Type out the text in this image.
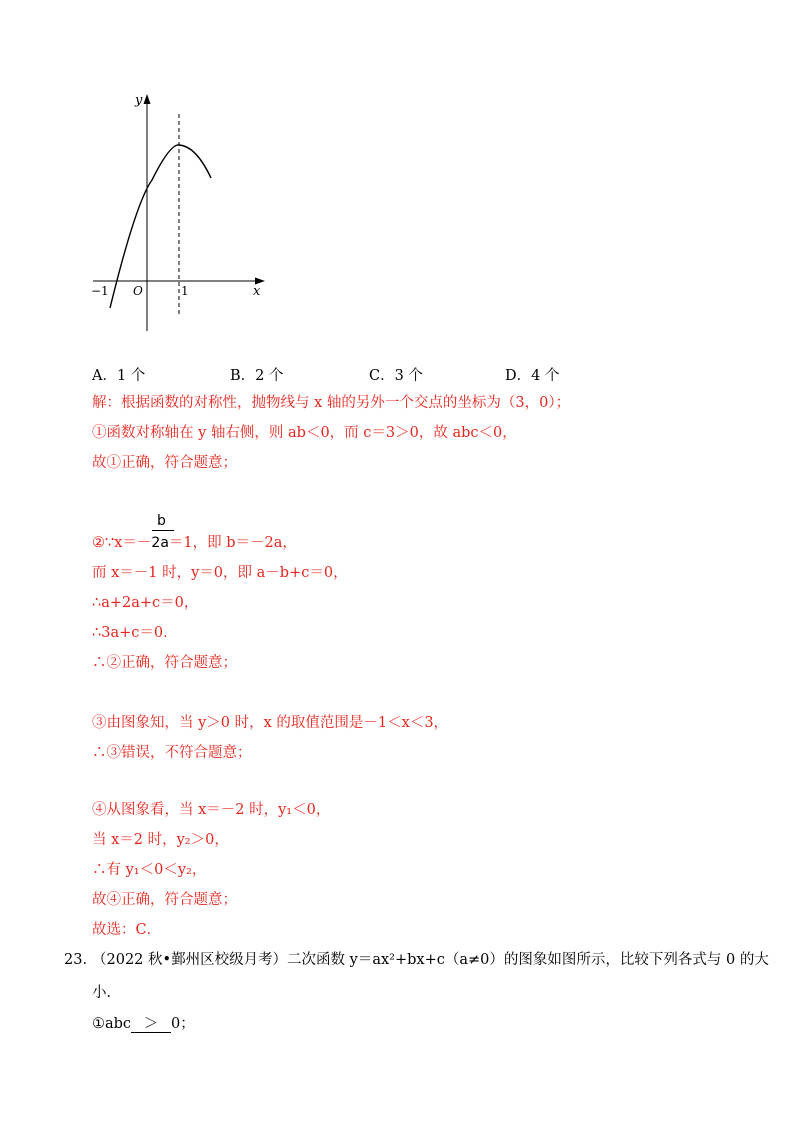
y
x
O
−1	1
A．1 个	B．2 个	C．3 个	D．4 个
解：根据函数的对称性，抛物线与 x 轴的另外一个交点的坐标为（3，0）；
①函数对称轴在 y 轴右侧，则 ab＜0，而 c＝3＞0，故 abc＜0，
故①正确，符合题意；
b
②∵x＝－2a＝1，即 b＝－2a，
而 x＝－1 时，y＝0，即 a－b+c＝0，
∴a+2a+c＝0，
∴3a+c＝0．
∴②正确，符合题意；
③由图象知，当 y＞0 时，x 的取值范围是－1＜x＜3，
∴③错误，不符合题意；
④从图象看，当 x＝－2 时，y₁＜0，
当 x＝2 时，y₂＞0，
∴有 y₁＜0＜y₂，
故④正确，符合题意；
故选：C．
23．
（2022 秋•鄞州区校级月考）二次函数 y＝ax²+bx+c（a≠0）的图象如图所示，比较下列各式与 0 的大
小．
①abc ＞ 0；
